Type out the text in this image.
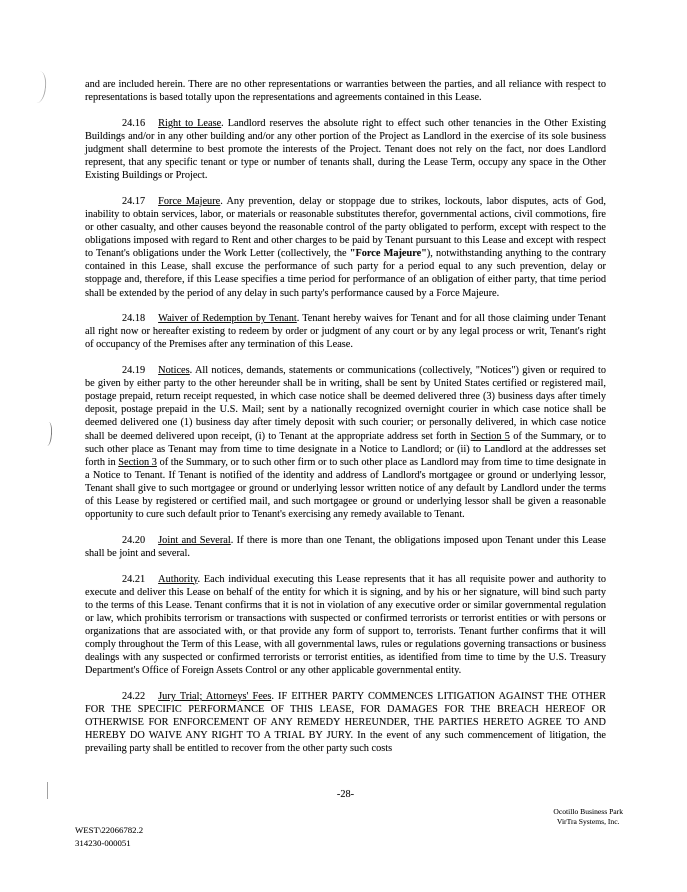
and are included herein. There are no other representations or warranties between the parties, and all reliance with respect to representations is based totally upon the representations and agreements contained in this Lease.

24.16 Right to Lease. Landlord reserves the absolute right to effect such other tenancies in the Other Existing Buildings and/or in any other building and/or any other portion of the Project as Landlord in the exercise of its sole business judgment shall determine to best promote the interests of the Project. Tenant does not rely on the fact, nor does Landlord represent, that any specific tenant or type or number of tenants shall, during the Lease Term, occupy any space in the Other Existing Buildings or Project.

24.17 Force Majeure. Any prevention, delay or stoppage due to strikes, lockouts, labor disputes, acts of God, inability to obtain services, labor, or materials or reasonable substitutes therefor, governmental actions, civil commotions, fire or other casualty, and other causes beyond the reasonable control of the party obligated to perform, except with respect to the obligations imposed with regard to Rent and other charges to be paid by Tenant pursuant to this Lease and except with respect to Tenant's obligations under the Work Letter (collectively, the "Force Majeure"), notwithstanding anything to the contrary contained in this Lease, shall excuse the performance of such party for a period equal to any such prevention, delay or stoppage and, therefore, if this Lease specifies a time period for performance of an obligation of either party, that time period shall be extended by the period of any delay in such party's performance caused by a Force Majeure.

24.18 Waiver of Redemption by Tenant. Tenant hereby waives for Tenant and for all those claiming under Tenant all right now or hereafter existing to redeem by order or judgment of any court or by any legal process or writ, Tenant's right of occupancy of the Premises after any termination of this Lease.

24.19 Notices. All notices, demands, statements or communications (collectively, "Notices") given or required to be given by either party to the other hereunder shall be in writing, shall be sent by United States certified or registered mail, postage prepaid, return receipt requested, in which case notice shall be deemed delivered three (3) business days after timely deposit, postage prepaid in the U.S. Mail; sent by a nationally recognized overnight courier in which case notice shall be deemed delivered one (1) business day after timely deposit with such courier; or personally delivered, in which case notice shall be deemed delivered upon receipt, (i) to Tenant at the appropriate address set forth in Section 5 of the Summary, or to such other place as Tenant may from time to time designate in a Notice to Landlord; or (ii) to Landlord at the addresses set forth in Section 3 of the Summary, or to such other firm or to such other place as Landlord may from time to time designate in a Notice to Tenant. If Tenant is notified of the identity and address of Landlord's mortgagee or ground or underlying lessor, Tenant shall give to such mortgagee or ground or underlying lessor written notice of any default by Landlord under the terms of this Lease by registered or certified mail, and such mortgagee or ground or underlying lessor shall be given a reasonable opportunity to cure such default prior to Tenant's exercising any remedy available to Tenant.

24.20 Joint and Several. If there is more than one Tenant, the obligations imposed upon Tenant under this Lease shall be joint and several.

24.21 Authority. Each individual executing this Lease represents that it has all requisite power and authority to execute and deliver this Lease on behalf of the entity for which it is signing, and by his or her signature, will bind such party to the terms of this Lease. Tenant confirms that it is not in violation of any executive order or similar governmental regulation or law, which prohibits terrorism or transactions with suspected or confirmed terrorists or terrorist entities or with persons or organizations that are associated with, or that provide any form of support to, terrorists. Tenant further confirms that it will comply throughout the Term of this Lease, with all governmental laws, rules or regulations governing transactions or business dealings with any suspected or confirmed terrorists or terrorist entities, as identified from time to time by the U.S. Treasury Department's Office of Foreign Assets Control or any other applicable governmental entity.

24.22 Jury Trial; Attorneys' Fees. IF EITHER PARTY COMMENCES LITIGATION AGAINST THE OTHER FOR THE SPECIFIC PERFORMANCE OF THIS LEASE, FOR DAMAGES FOR THE BREACH HEREOF OR OTHERWISE FOR ENFORCEMENT OF ANY REMEDY HEREUNDER, THE PARTIES HERETO AGREE TO AND HEREBY DO WAIVE ANY RIGHT TO A TRIAL BY JURY. In the event of any such commencement of litigation, the prevailing party shall be entitled to recover from the other party such costs

-28-
Ocotillo Business Park
VirTra Systems, Inc.
WEST\22066782.2
314230-000051
